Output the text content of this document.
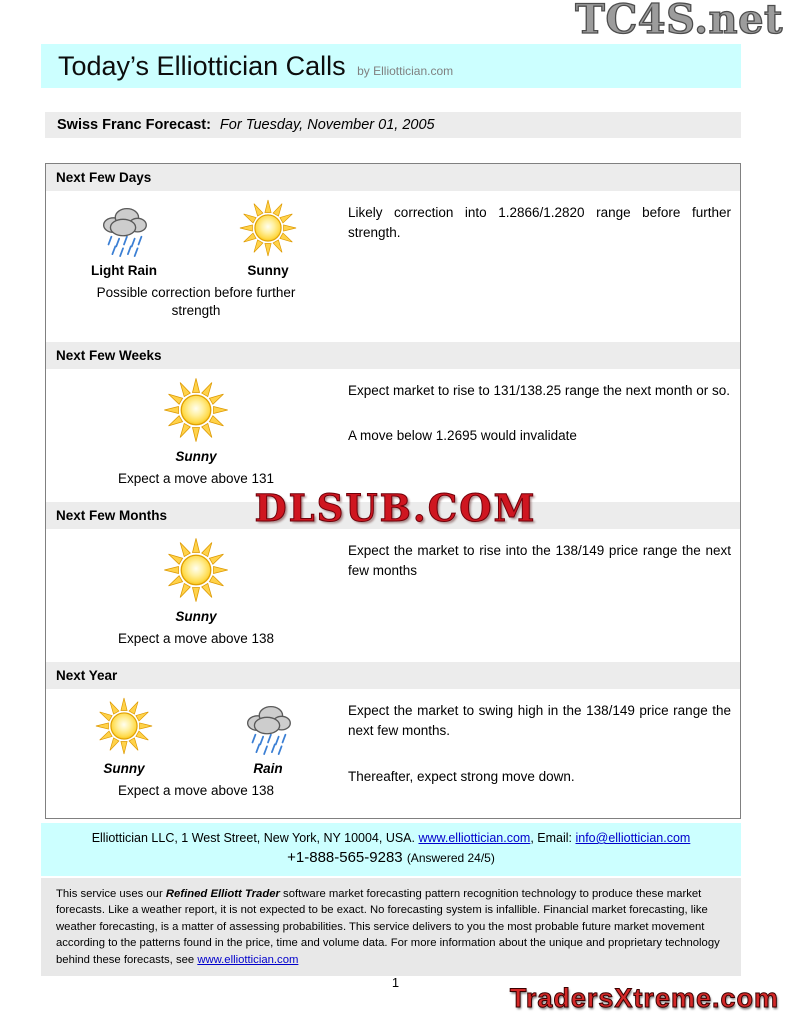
TC4S.net
Today’s Elliottician Calls by Elliottician.com
Swiss Franc Forecast: For Tuesday, November 01, 2005
Next Few Days
Light Rain	Sunny
Possible correction before further strength

Likely correction into 1.2866/1.2820 range before further strength.

Next Few Weeks
Sunny
Expect a move above 131

Expect market to rise to 131/138.25 range the next month or so.

A move below 1.2695 would invalidate

Next Few Months
Sunny
Expect a move above 138

Expect the market to rise into the 138/149 price range the next few months

Next Year
Sunny	Rain
Expect a move above 138

Expect the market to swing high in the 138/149 price range the next few months.

Thereafter, expect strong move down.

DLSUB.COM
Elliottician LLC, 1 West Street, New York, NY 10004, USA. www.elliottician.com, Email: info@elliottician.com
+1-888-565-9283 (Answered 24/5)
This service uses our Refined Elliott Trader software market forecasting pattern recognition technology to produce these market forecasts. Like a weather report, it is not expected to be exact. No forecasting system is infallible. Financial market forecasting, like weather forecasting, is a matter of assessing probabilities. This service delivers to you the most probable future market movement according to the patterns found in the price, time and volume data. For more information about the unique and proprietary technology behind these forecasts, see www.elliottician.com
1
TradersXtreme.com
